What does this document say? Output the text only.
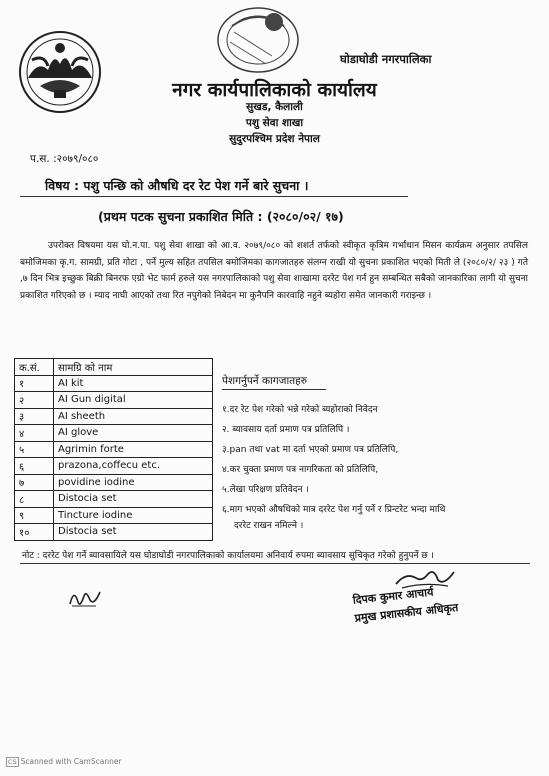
घोडाघोडी नगरपालिका
नगर कार्यपालिकाको कार्यालय
सुखड, कैलाली
पशु सेवा शाखा
सुदुरपश्चिम प्रदेश नेपाल
प.स. :२०७९/०८०
विषय : पशु पन्छि को औषधि दर रेट पेश गर्ने बारे सुचना ।
(प्रथम पटक सुचना प्रकाशित मिति : (२०८०/०२/ १७)
उपरोक्त विषयमा यस घो.न.पा. पशु सेवा शाखा को आ.व. २०७९/०८० को शशर्त तर्फको स्वीकृत कृत्रिम गर्भाधान मिसन कार्यक्रम अनुसार तपसिल बमोजिमका कृ.ग. सामग्री, प्रति गोटा , पर्ने मुल्य सहित तपसिल बमोजिमका कागजातहरु संलग्न राखी यो सुचना प्रकाशित भएको मिती ले (२०८०/२/ २३ ) गते ,७ दिन भित्र इच्छुक बिक्री बिनरफ एग्रो भेट फार्म हरुले यस नगरपालिकाको पशु सेवा शाखामा दररेट पेश गर्न हुन सम्बन्धित सबैको जानकारिका लागी यो सुचना प्रकाशित गरिएको छ । म्याद नाघी आएको तथा रित नपुगेको निबेदन मा कुनैपनि कारवाहि नहुने ब्यहोरा समेत जानकारी गराइन्छ ।
क.सं.	सामग्रि को नाम
१	AI kit
२	AI Gun digital
३	AI sheeth
४	AI glove
५	Agrimin forte
६	prazona,coffecu etc.
७	povidine iodine
८	Distocia set
९	Tincture iodine
१०	Distocia set
पेशगर्नुपर्ने कागजातहरु
१.दर रेट पेश गरेको भन्ने गरेको ब्यहोराको निवेदन
२. ब्यावसाय दर्ता प्रमाण पत्र प्रतिलिपि ।
३.pan तथा vat मा दर्ता भएको प्रमाण पत्र प्रतिलिपि,
४.कर चुक्ता प्रमाण पत्र नागरिकता को प्रतिलिपि,
५.लेखा परिक्षण प्रतिवेदन ।
६.माग भएको औषधिको मात्र दररेट पेश गर्नु पर्ने र प्रिन्टरेट भन्दा माथि
दररेट राखन नमिल्ने ।
नोट : दररेट पेश गर्ने ब्यावसायिले यस घोडाघोडी नगरपालिकाको कार्यालयमा अनिवार्य रुपमा ब्यावसाय सुचिकृत गरेको हुनुपर्ने छ ।
दिपक कुमार आचार्य
प्रमुख प्रशासकीय अधिकृत
CS Scanned with CamScanner
